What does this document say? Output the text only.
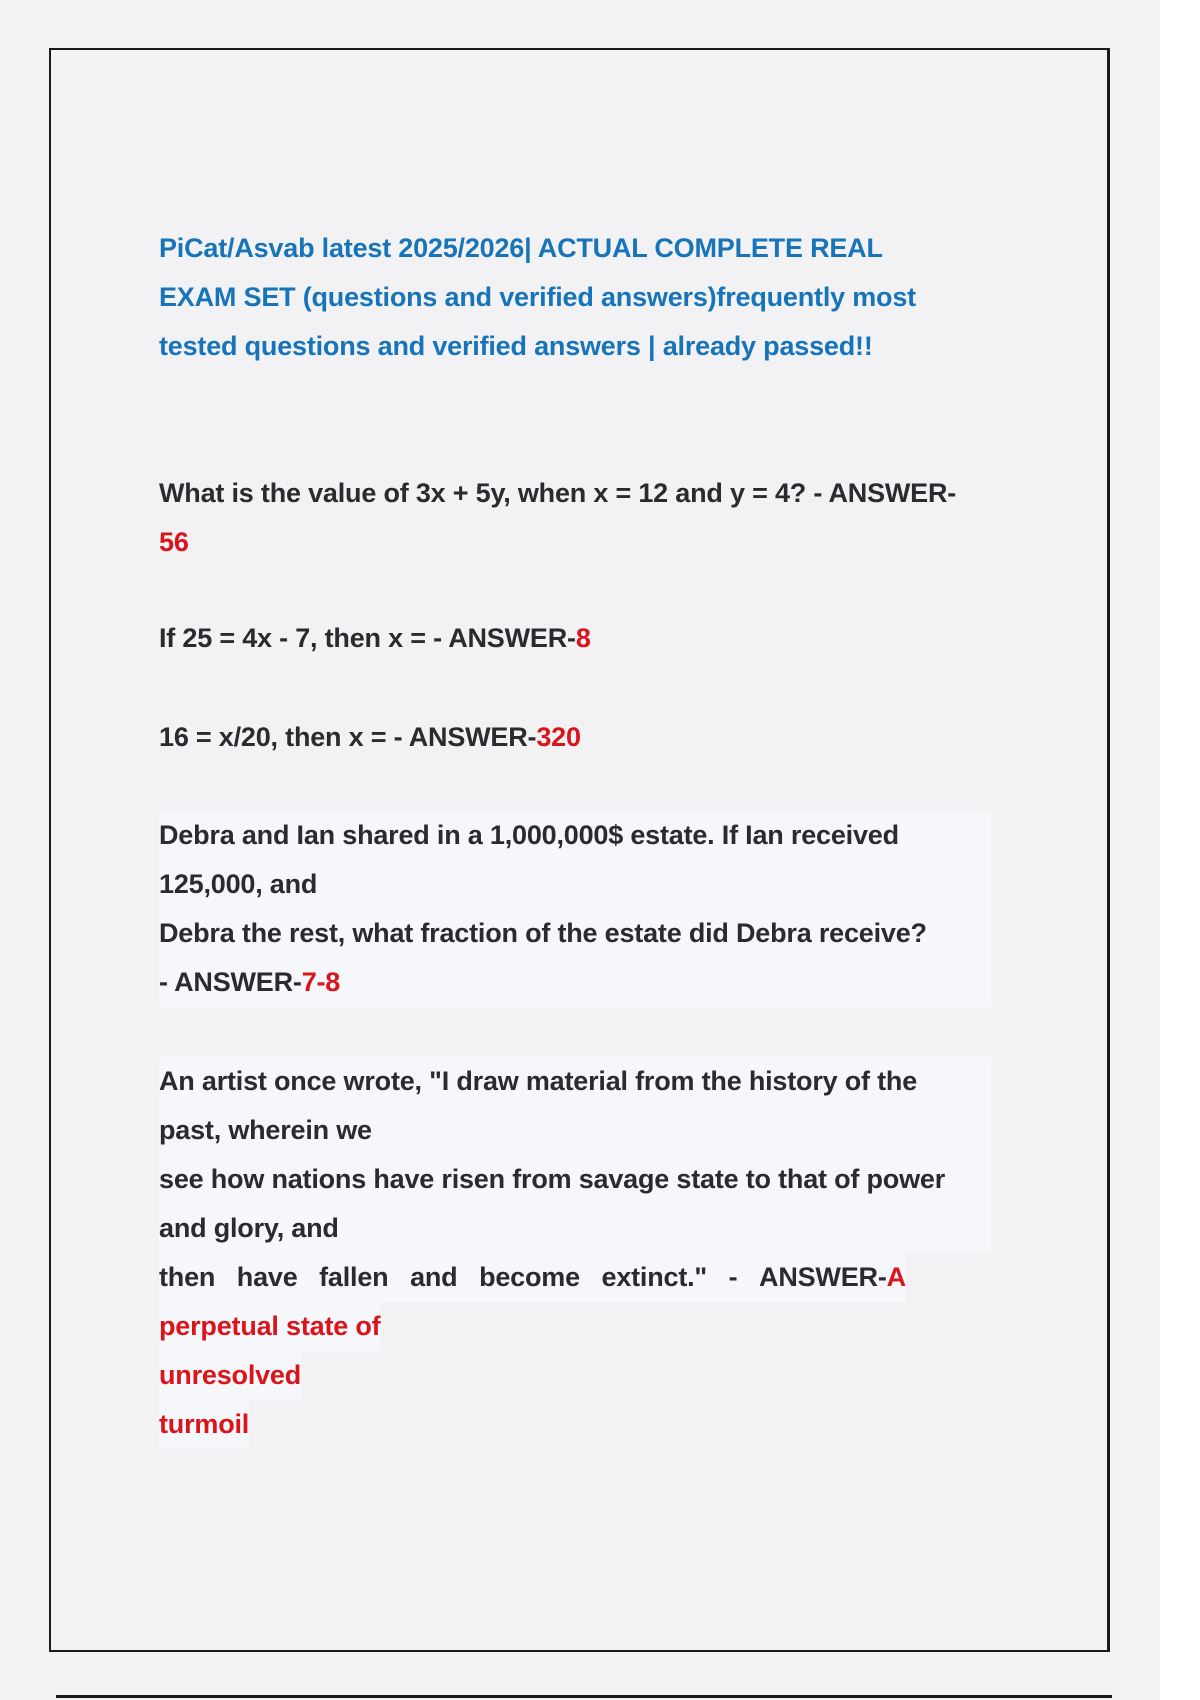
PiCat/Asvab latest 2025/2026| ACTUAL COMPLETE REAL
EXAM SET (questions and verified answers)frequently most
tested questions and verified answers | already passed!!
What is the value of 3x + 5y, when x = 12 and y = 4? - ANSWER-
56
If 25 = 4x - 7, then x = - ANSWER-8
16 = x/20, then x = - ANSWER-320
Debra and Ian shared in a 1,000,000$ estate. If Ian received
125,000, and
Debra the rest, what fraction of the estate did Debra receive?
- ANSWER-7-8
An artist once wrote, "I draw material from the history of the
past, wherein we
see how nations have risen from savage state to that of power
and glory, and
then have fallen and become extinct." - ANSWER-A
perpetual state of
unresolved
turmoil
